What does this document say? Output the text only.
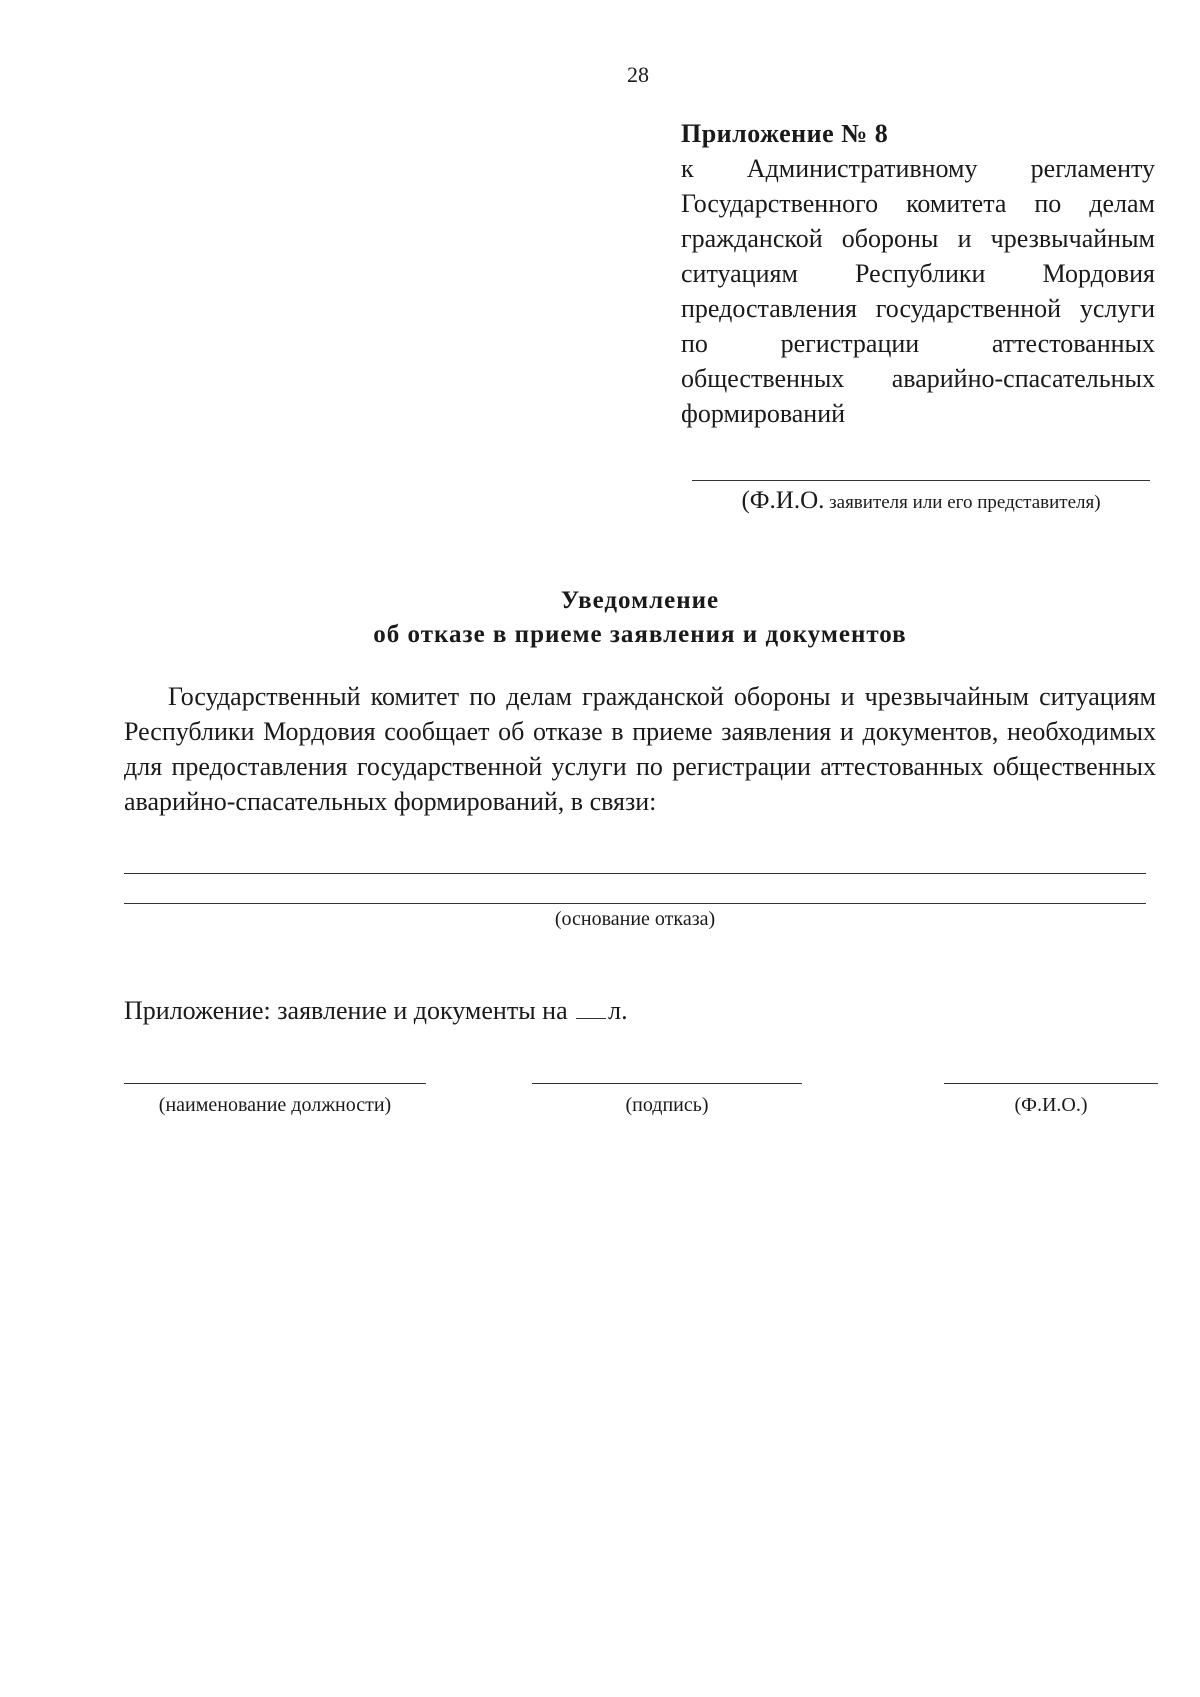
28
Приложение № 8
к Административному регламенту Государственного комитета по делам гражданской обороны и чрезвычайным ситуациям Республики Мордовия предоставления государственной услуги по регистрации аттестованных общественных аварийно-спасательных формирований
(Ф.И.О. заявителя или его представителя)
Уведомление
об отказе в приеме заявления и документов

Государственный комитет по делам гражданской обороны и чрезвычайным ситуациям Республики Мордовия сообщает об отказе в приеме заявления и документов, необходимых для предоставления государственной услуги по регистрации аттестованных общественных аварийно-спасательных формирований, в связи:

(основание отказа)
Приложение: заявление и документы на л.
(наименование должности)	(подпись)	(Ф.И.О.)
